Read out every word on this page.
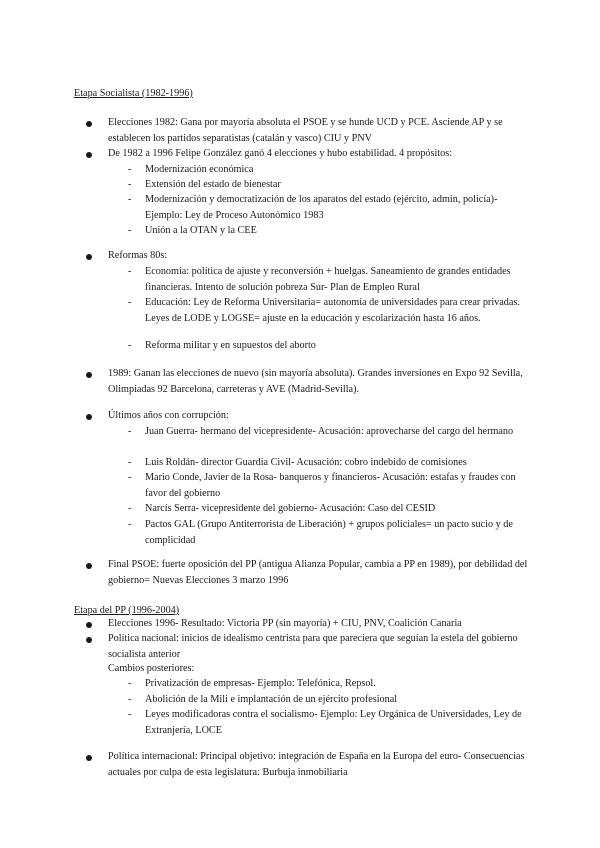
Etapa Socialista (1982-1996)
Elecciones 1982: Gana por mayoría absoluta el PSOE y se hunde UCD y PCE. Asciende AP y se establecen los partidos separatistas (catalán y vasco) CIU y PNV
De 1982 a 1996 Felipe González ganó 4 elecciones y hubo estabilidad. 4 propósitos:
- Modernización económica
- Extensión del estado de bienestar
- Modernización y democratización de los aparatos del estado (ejército, admin, policía)- Ejemplo: Ley de Proceso Autonómico 1983
- Unión a la OTAN y la CEE
Reformas 80s:
- Economía: política de ajuste y reconversión + huelgas. Saneamiento de grandes entidades financieras. Intento de solución pobreza Sur- Plan de Empleo Rural
- Educación: Ley de Reforma Universitaria= autonomía de universidades para crear privadas. Leyes de LODE y LOGSE= ajuste en la educación y escolarización hasta 16 años.
- Reforma militar y en supuestos del aborto
1989: Ganan las elecciones de nuevo (sin mayoría absoluta). Grandes inversiones en Expo 92 Sevilla, Olimpiadas 92 Barcelona, carreteras y AVE (Madrid-Sevilla).
Últimos años con corrupción:
- Juan Guerra- hermano del vicepresidente- Acusación: aprovecharse del cargo del hermano
- Luis Roldán- director Guardia Civil- Acusación: cobro indebido de comisiones
- Mario Conde, Javier de la Rosa- banqueros y financieros- Acusación: estafas y fraudes con favor del gobierno
- Narcís Serra- vicepresidente del gobierno- Acusación: Caso del CESID
- Pactos GAL (Grupo Antiterrorista de Liberación) + grupos policiales= un pacto sucio y de complicidad
Final PSOE: fuerte oposición del PP (antigua Alianza Popular, cambia a PP en 1989), por debilidad del gobierno= Nuevas Elecciones 3 marzo 1996
Etapa del PP (1996-2004)
Elecciones 1996- Resultado: Victoria PP (sin mayoría) + CIU, PNV, Coalición Canaria
Política nacional: inicios de idealismo centrista para que pareciera que seguían la estela del gobierno socialista anterior
Cambios posteriores:
- Privatización de empresas- Ejemplo: Telefónica, Repsol.
- Abolición de la Mili e implantación de un ejército profesional
- Leyes modificadoras contra el socialismo- Ejemplo: Ley Orgánica de Universidades, Ley de Extranjería, LOCE
Política internacional: Principal objetivo: integración de España en la Europa del euro- Consecuencias actuales por culpa de esta legislatura: Burbuja inmobiliaria
